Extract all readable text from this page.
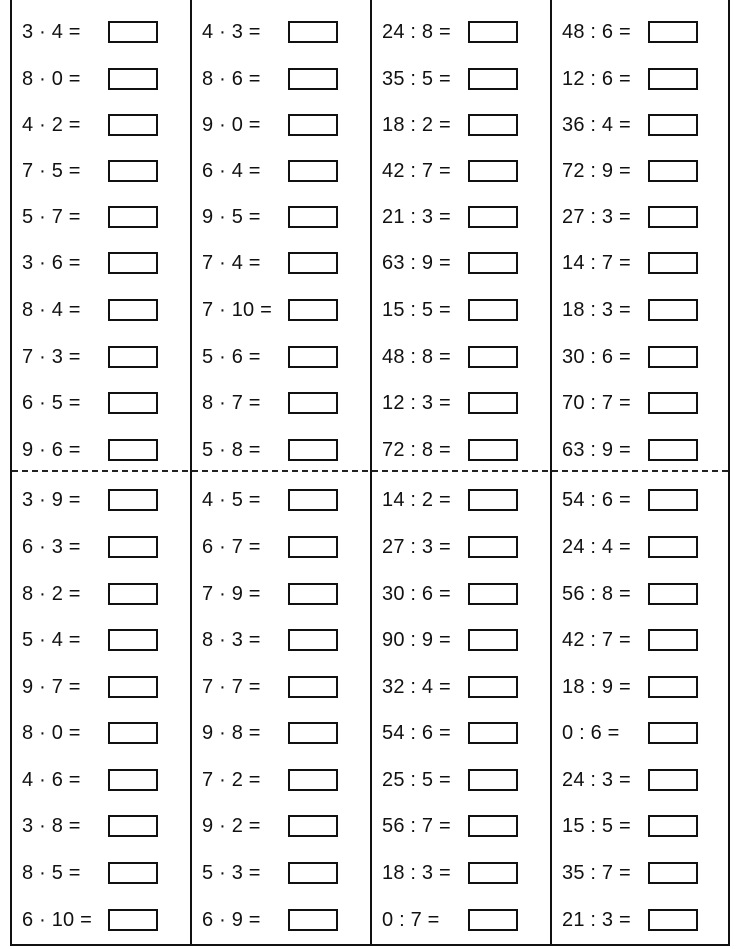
3 · 4 =
8 · 0 =
4 · 2 =
7 · 5 =
5 · 7 =
3 · 6 =
8 · 4 =
7 · 3 =
6 · 5 =
9 · 6 =
3 · 9 =
6 · 3 =
8 · 2 =
5 · 4 =
9 · 7 =
8 · 0 =
4 · 6 =
3 · 8 =
8 · 5 =
6 · 10 =
4 · 3 =
8 · 6 =
9 · 0 =
6 · 4 =
9 · 5 =
7 · 4 =
7 · 10 =
5 · 6 =
8 · 7 =
5 · 8 =
4 · 5 =
6 · 7 =
7 · 9 =
8 · 3 =
7 · 7 =
9 · 8 =
7 · 2 =
9 · 2 =
5 · 3 =
6 · 9 =
24 : 8 =
35 : 5 =
18 : 2 =
42 : 7 =
21 : 3 =
63 : 9 =
15 : 5 =
48 : 8 =
12 : 3 =
72 : 8 =
14 : 2 =
27 : 3 =
30 : 6 =
90 : 9 =
32 : 4 =
54 : 6 =
25 : 5 =
56 : 7 =
18 : 3 =
0 : 7 =
48 : 6 =
12 : 6 =
36 : 4 =
72 : 9 =
27 : 3 =
14 : 7 =
18 : 3 =
30 : 6 =
70 : 7 =
63 : 9 =
54 : 6 =
24 : 4 =
56 : 8 =
42 : 7 =
18 : 9 =
0 : 6 =
24 : 3 =
15 : 5 =
35 : 7 =
21 : 3 =
